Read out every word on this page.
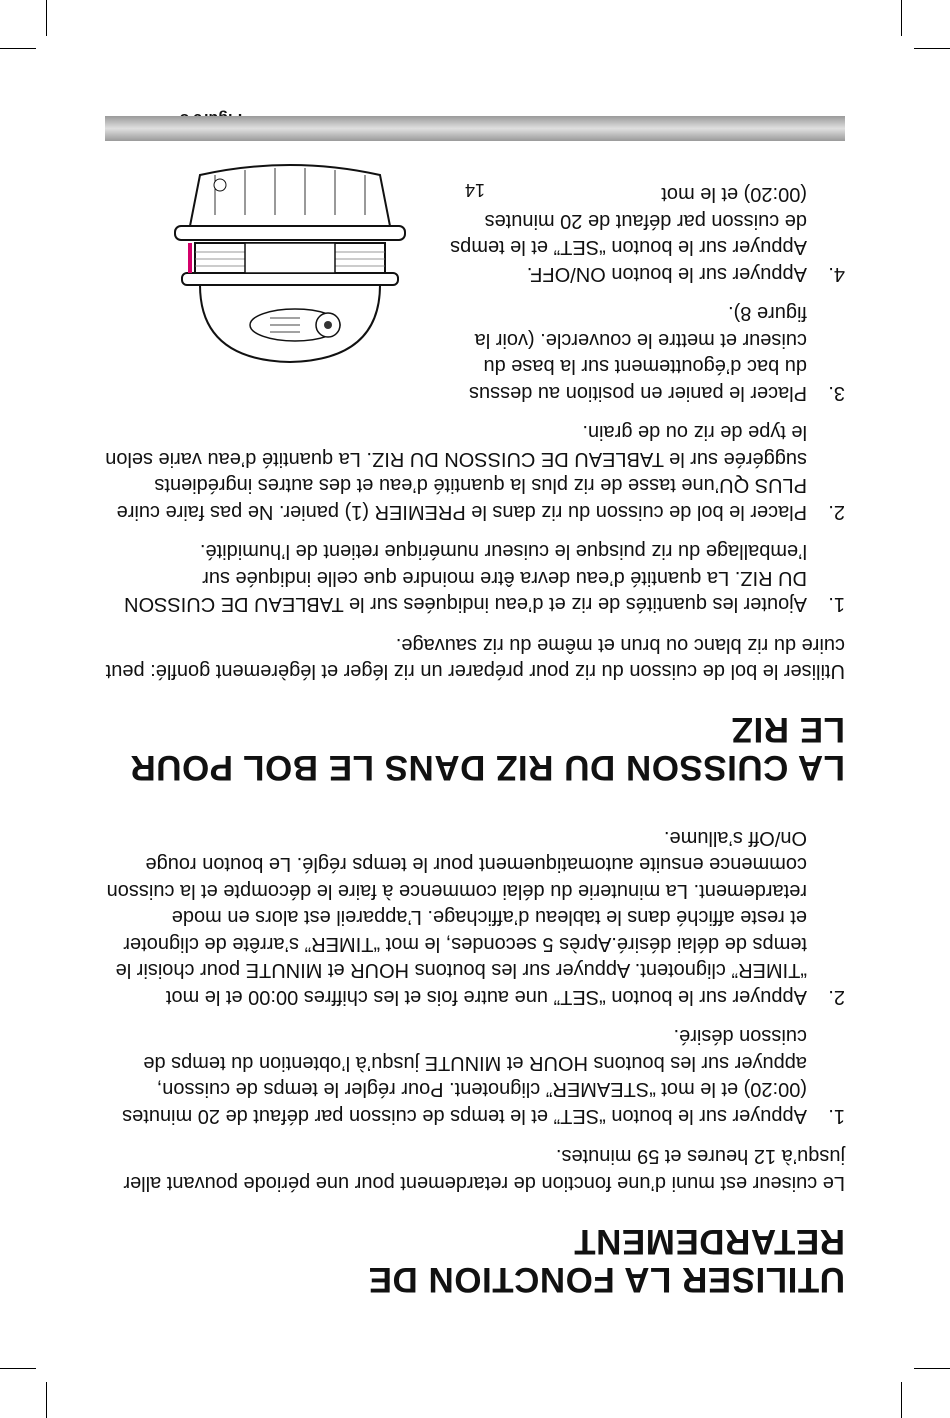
UTILISER LA FONCTION DE RETARDEMENT

Le cuiseur est muni d’une fonction de retardement pour une période pouvant aller jusqu’à 12 heures et 59 minutes.

1.
Appuyer sur le bouton “SET” et le temps de cuisson par défaut de 20 minutes (00:20) et le mot “STEAMER” clignotent. Pour régler le temps de cuisson, appuyer sur les boutons HOUR et MINUTE jusqu’à l’obtention du temps de cuisson désiré.
2.
Appuyer sur le bouton “SET” une autre fois et les chiffres 00:00 et le mot “TIMER” clignotent. Appuyer sur les boutons HOUR et MINUTE pour choisir le temps de délai désiré.Après 5 secondes, le mot “TIMER” s’arrête de clignoter et reste affiché dans le tableau d’affichage. L’appareil est alors en mode retardement. La minuterie du délai commence à faire le décompte et la cuisson commence ensuite automatiquement pour le temps réglé. Le bouton rouge On/Off s’allume.
LA CUISSON DU RIZ DANS LE BOL POUR LE RIZ

Utiliser le bol de cuisson du riz pour préparer un riz léger et légèrement gonflé: peut cuire du riz blanc ou brun et même du riz sauvage.

1.
Ajouter les quantités de riz et d’eau indiquées sur le TABLEAU DE CUISSON DU RIZ. La quantité d’eau devra être moindre que celle indiquée sur l’emballage du riz puisque le cuiseur numérique retient de l’humidité.
2.
Placer le bol de cuisson du riz dans le PREMIER (1) panier. Ne pas faire cuire PLUS QU’une tasse de riz plus la quantité d’eau et des autres ingrédients suggérée sur le TABLEAU DE CUISSON DU RIZ. La quantité d’eau varie selon le type de riz ou de grain.
3.
Placer le panier en position au dessus du bac d’égouttement sur la base du cuiseur et mettre le couvercle. (voir la figure 8).
4.
Appuyer sur le bouton ON/OFF. Appuyer sur le bouton “SET” et le temps de cuisson par défaut de 20 minutes (00:20) et le mot
14
